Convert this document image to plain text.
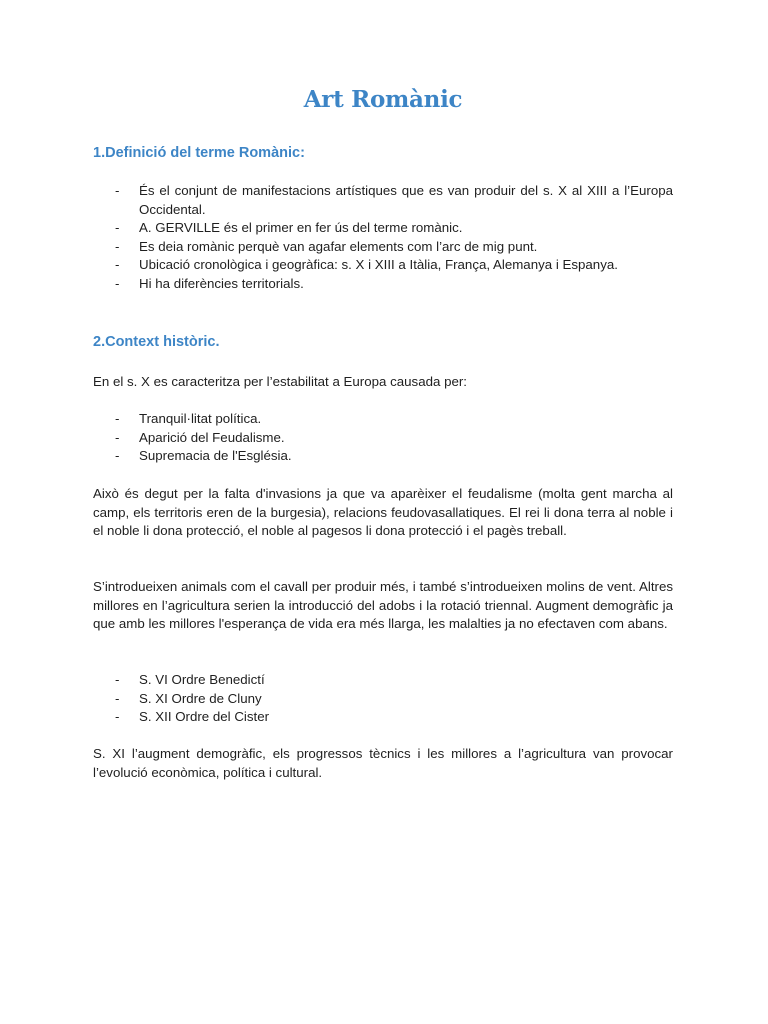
Art Romànic
1.Definició del terme Romànic:
- És el conjunt de manifestacions artístiques que es van produir del s. X al XIII a l’Europa Occidental.
- A. GERVILLE és el primer en fer ús del terme romànic.
- Es deia romànic perquè van agafar elements com l’arc de mig punt.
- Ubicació cronològica i geogràfica: s. X i XIII a Itàlia, França, Alemanya i Espanya.
- Hi ha diferències territorials.
2.Context històric.

En el s. X es caracteritza per l’estabilitat a Europa causada per:

- Tranquil·litat política.
- Aparició del Feudalisme.
- Supremacia de l'Església.

Això és degut per la falta d'invasions ja que va aparèixer el feudalisme (molta gent marcha al camp, els territoris eren de la burgesia), relacions feudovasallatiques. El rei li dona terra al noble i el noble li dona protecció, el noble al pagesos li dona protecció i el pagès treball.

S’introdueixen animals com el cavall per produir més, i també s’introdueixen molins de vent. Altres millores en l’agricultura serien la introducció del adobs i la rotació triennal. Augment demogràfic ja que amb les millores l'esperança de vida era més llarga, les malalties ja no efectaven com abans.

- S. VI Ordre Benedictí
- S. XI Ordre de Cluny
- S. XII Ordre del Cister

S. XI l’augment demogràfic, els progressos tècnics i les millores a l’agricultura van provocar l’evolució econòmica, política i cultural.
